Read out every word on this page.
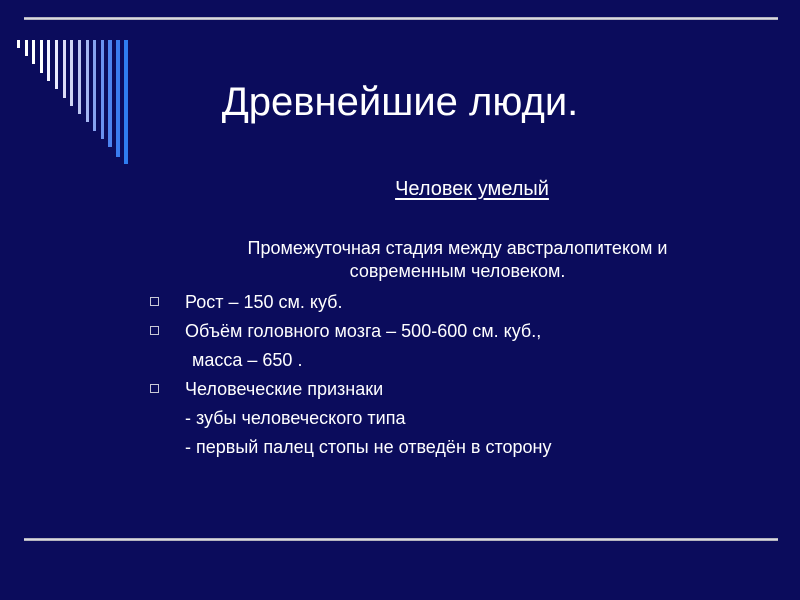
Древнейшие люди.
Человек умелый
Промежуточная стадия между австралопитеком и
современным человеком.
Рост – 150 см. куб.
Объём головного мозга – 500-600 см. куб.,
масса – 650 .
Человеческие признаки
- зубы человеческого типа
- первый палец стопы не отведён в сторону
